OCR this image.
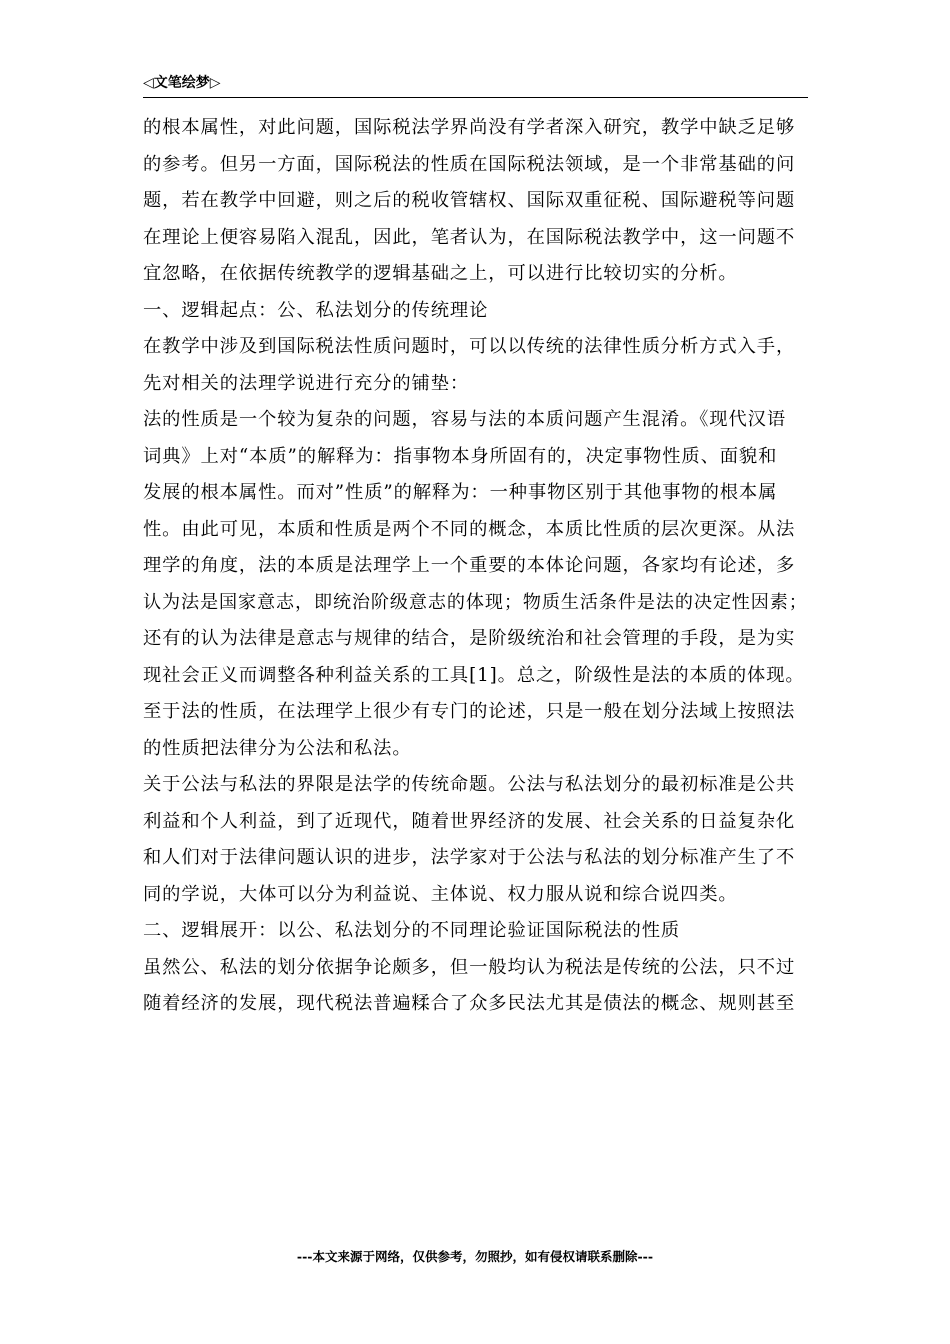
◁文笔绘梦▷
的根本属性，对此问题，国际税法学界尚没有学者深入研究，教学中缺乏足够
的参考。但另一方面，国际税法的性质在国际税法领域，是一个非常基础的问
题，若在教学中回避，则之后的税收管辖权、国际双重征税、国际避税等问题
在理论上便容易陷入混乱，因此，笔者认为，在国际税法教学中，这一问题不
宜忽略，在依据传统教学的逻辑基础之上，可以进行比较切实的分析。
一、逻辑起点：公、私法划分的传统理论
在教学中涉及到国际税法性质问题时，可以以传统的法律性质分析方式入手，
先对相关的法理学说进行充分的铺垫：
法的性质是一个较为复杂的问题，容易与法的本质问题产生混淆。《现代汉语
词典》上对“本质”的解释为：指事物本身所固有的，决定事物性质、面貌和
发展的根本属性。而对”性质”的解释为：一种事物区别于其他事物的根本属
性。由此可见，本质和性质是两个不同的概念，本质比性质的层次更深。从法
理学的角度，法的本质是法理学上一个重要的本体论问题，各家均有论述，多
认为法是国家意志，即统治阶级意志的体现；物质生活条件是法的决定性因素；
还有的认为法律是意志与规律的结合，是阶级统治和社会管理的手段，是为实
现社会正义而调整各种利益关系的工具[1]。总之，阶级性是法的本质的体现。
至于法的性质，在法理学上很少有专门的论述，只是一般在划分法域上按照法
的性质把法律分为公法和私法。
关于公法与私法的界限是法学的传统命题。公法与私法划分的最初标准是公共
利益和个人利益，到了近现代，随着世界经济的发展、社会关系的日益复杂化
和人们对于法律问题认识的进步，法学家对于公法与私法的划分标准产生了不
同的学说，大体可以分为利益说、主体说、权力服从说和综合说四类。
二、逻辑展开：以公、私法划分的不同理论验证国际税法的性质
虽然公、私法的划分依据争论颇多，但一般均认为税法是传统的公法，只不过
随着经济的发展，现代税法普遍糅合了众多民法尤其是债法的概念、规则甚至
---本文来源于网络，仅供参考，勿照抄，如有侵权请联系删除---
